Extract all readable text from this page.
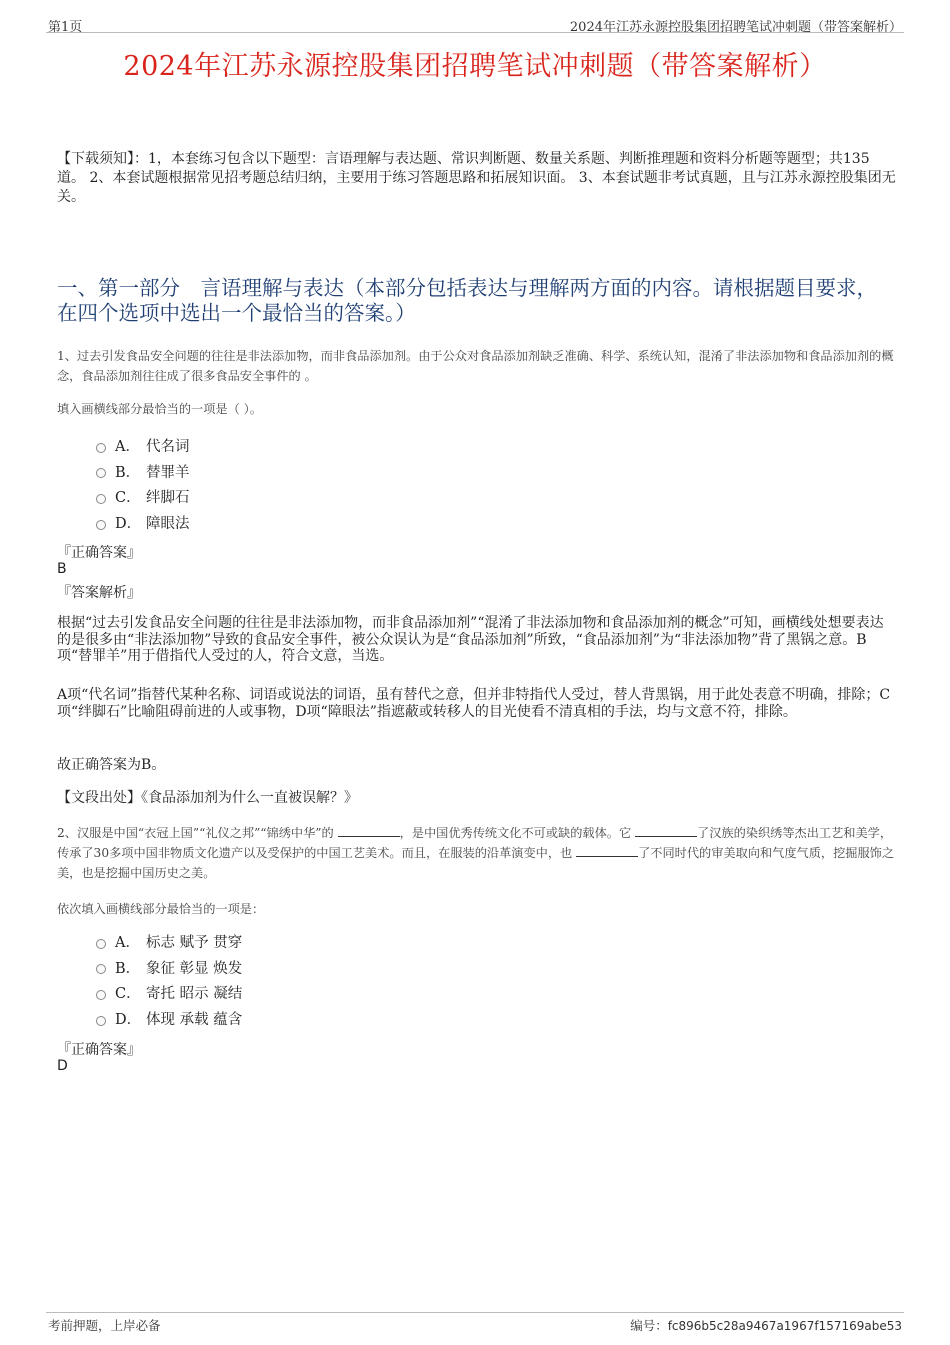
第1页	2024年江苏永源控股集团招聘笔试冲刺题（带答案解析）
2024年江苏永源控股集团招聘笔试冲刺题（带答案解析）
【下载须知】：1，本套练习包含以下题型：言语理解与表达题、常识判断题、数量关系题、判断推理题和资料分析题等题型；共135道。 2、本套试题根据常见招考题总结归纳，主要用于练习答题思路和拓展知识面。 3、本套试题非考试真题，且与江苏永源控股集团无关。
一、第一部分　言语理解与表达（本部分包括表达与理解两方面的内容。请根据题目要求，在四个选项中选出一个最恰当的答案。）
1、过去引发食品安全问题的往往是非法添加物，而非食品添加剂。由于公众对食品添加剂缺乏准确、科学、系统认知，混淆了非法添加物和食品添加剂的概念，食品添加剂往往成了很多食品安全事件的 。
填入画横线部分最恰当的一项是（ ）。
A． 代名词
B． 替罪羊
C． 绊脚石
D． 障眼法
『正确答案』
B
『答案解析』
根据“过去引发食品安全问题的往往是非法添加物，而非食品添加剂”“混淆了非法添加物和食品添加剂的概念”可知，画横线处想要表达的是很多由“非法添加物”导致的食品安全事件，被公众误认为是“食品添加剂”所致，“食品添加剂”为“非法添加物”背了黑锅之意。B项“替罪羊”用于借指代人受过的人，符合文意，当选。
A项“代名词”指替代某种名称、词语或说法的词语，虽有替代之意，但并非特指代人受过，替人背黑锅，用于此处表意不明确，排除；C项“绊脚石”比喻阻碍前进的人或事物，D项“障眼法”指遮蔽或转移人的目光使看不清真相的手法，均与文意不符，排除。
故正确答案为B。
【文段出处】《食品添加剂为什么一直被误解？》
2、汉服是中国“衣冠上国”“礼仪之邦”“锦绣中华”的	，是中国优秀传统文化不可或缺的载体。它	了汉族的染织绣等杰出工艺和美学，传承了30多项中国非物质文化遗产以及受保护的中国工艺美术。而且，在服装的沿革演变中，也	了不同时代的审美取向和气度气质，挖掘服饰之美，也是挖掘中国历史之美。
依次填入画横线部分最恰当的一项是：
A． 标志 赋予 贯穿
B． 象征 彰显 焕发
C． 寄托 昭示 凝结
D． 体现 承载 蕴含
『正确答案』
D
考前押题，上岸必备	编号：fc896b5c28a9467a1967f157169abe53
